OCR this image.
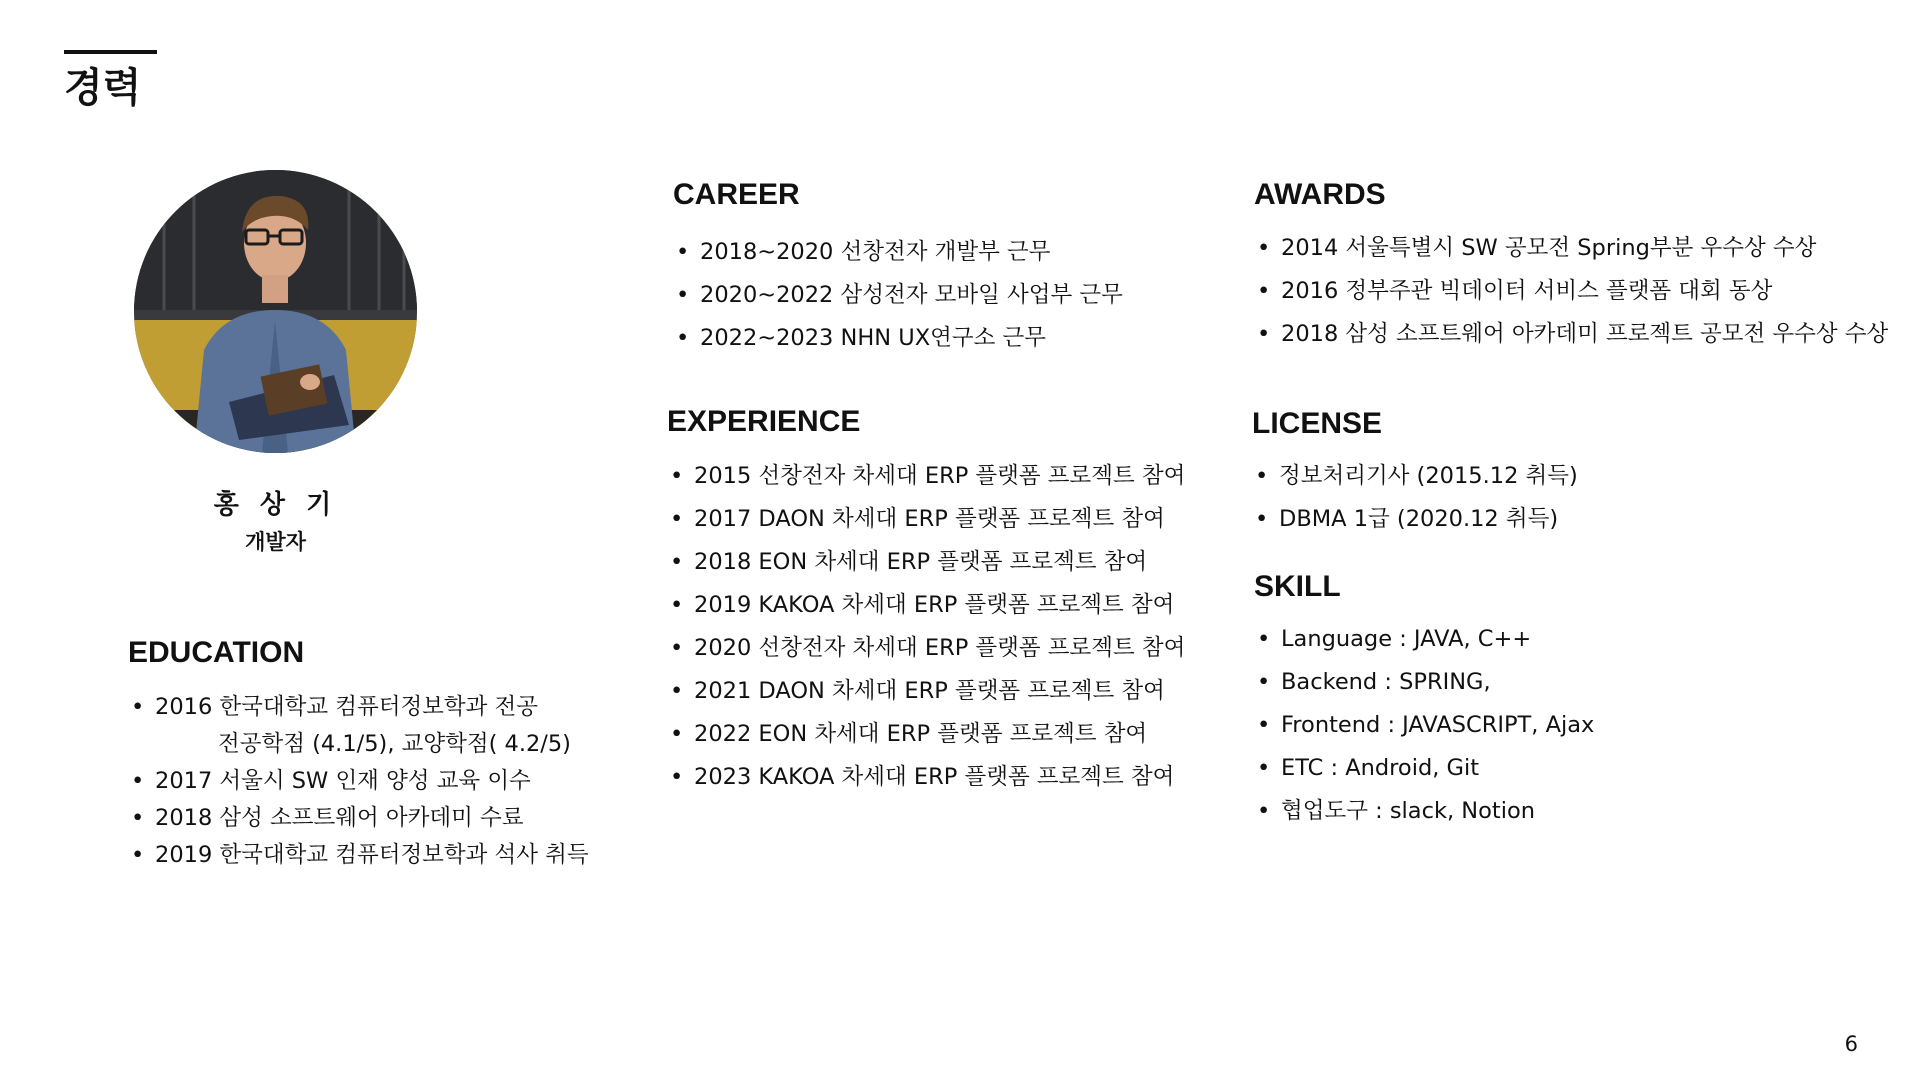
경력
홍 상 기
개발자
EDUCATION
• 2016 한국대학교 컴퓨터정보학과 전공
전공학점 (4.1/5), 교양학점( 4.2/5)
• 2017 서울시 SW 인재 양성 교육 이수
• 2018 삼성 소프트웨어 아카데미 수료
• 2019 한국대학교 컴퓨터정보학과 석사 취득
CAREER
• 2018~2020 선창전자 개발부 근무
• 2020~2022 삼성전자 모바일 사업부 근무
• 2022~2023 NHN UX연구소 근무
EXPERIENCE
• 2015 선창전자 차세대 ERP 플랫폼 프로젝트 참여
• 2017 DAON 차세대 ERP 플랫폼 프로젝트 참여
• 2018 EON 차세대 ERP 플랫폼 프로젝트 참여
• 2019 KAKOA 차세대 ERP 플랫폼 프로젝트 참여
• 2020 선창전자 차세대 ERP 플랫폼 프로젝트 참여
• 2021 DAON 차세대 ERP 플랫폼 프로젝트 참여
• 2022 EON 차세대 ERP 플랫폼 프로젝트 참여
• 2023 KAKOA 차세대 ERP 플랫폼 프로젝트 참여
AWARDS
• 2014 서울특별시 SW 공모전 Spring부분 우수상 수상
• 2016 정부주관 빅데이터 서비스 플랫폼 대회 동상
• 2018 삼성 소프트웨어 아카데미 프로젝트 공모전 우수상 수상
LICENSE
• 정보처리기사 (2015.12 취득)
• DBMA 1급 (2020.12 취득)
SKILL
• Language : JAVA, C++
• Backend : SPRING,
• Frontend : JAVASCRIPT, Ajax
• ETC : Android, Git
• 협업도구 : slack, Notion
6
